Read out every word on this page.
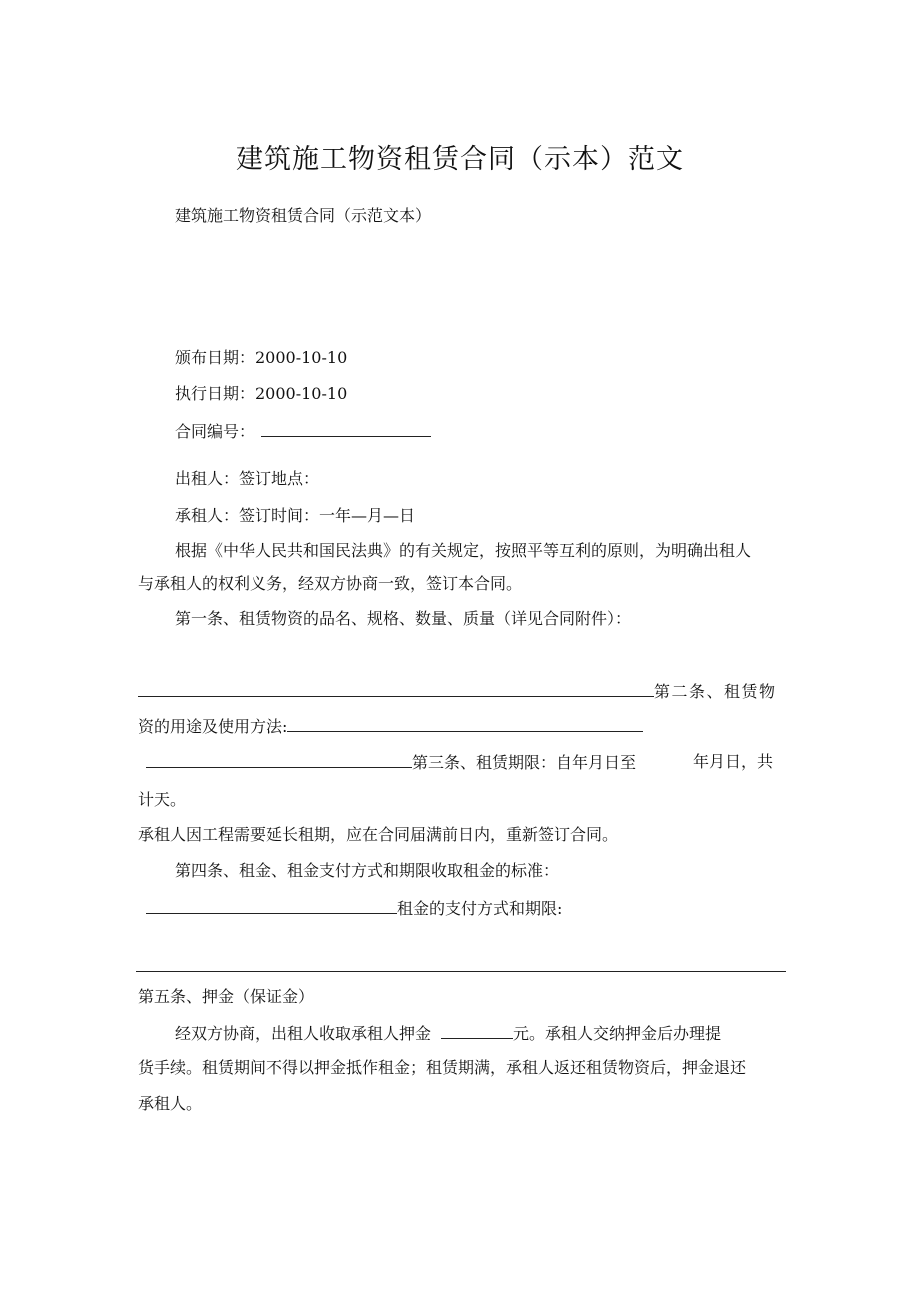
建筑施工物资租赁合同（示本）范文
建筑施工物资租赁合同（示范文本）
颁布日期：2000-10-10
执行日期：2000-10-10
合同编号：
出租人：签订地点：
承租人：签订时间：一年—月—日
根据《中华人民共和国民法典》的有关规定，按照平等互利的原则，为明确出租人
与承租人的权利义务，经双方协商一致，签订本合同。
第一条、租赁物资的品名、规格、数量、质量（详见合同附件）：
第二条、租赁物
资的用途及使用方法:
第三条、租赁期限：自年月日至	年月日，共
计天。
承租人因工程需要延长租期，应在合同届满前日内，重新签订合同。
第四条、租金、租金支付方式和期限收取租金的标准：
租金的支付方式和期限:
第五条、押金（保证金）
经双方协商，出租人收取承租人押金	元。承租人交纳押金后办理提
货手续。租赁期间不得以押金抵作租金；租赁期满，承租人返还租赁物资后，押金退还
承租人。
